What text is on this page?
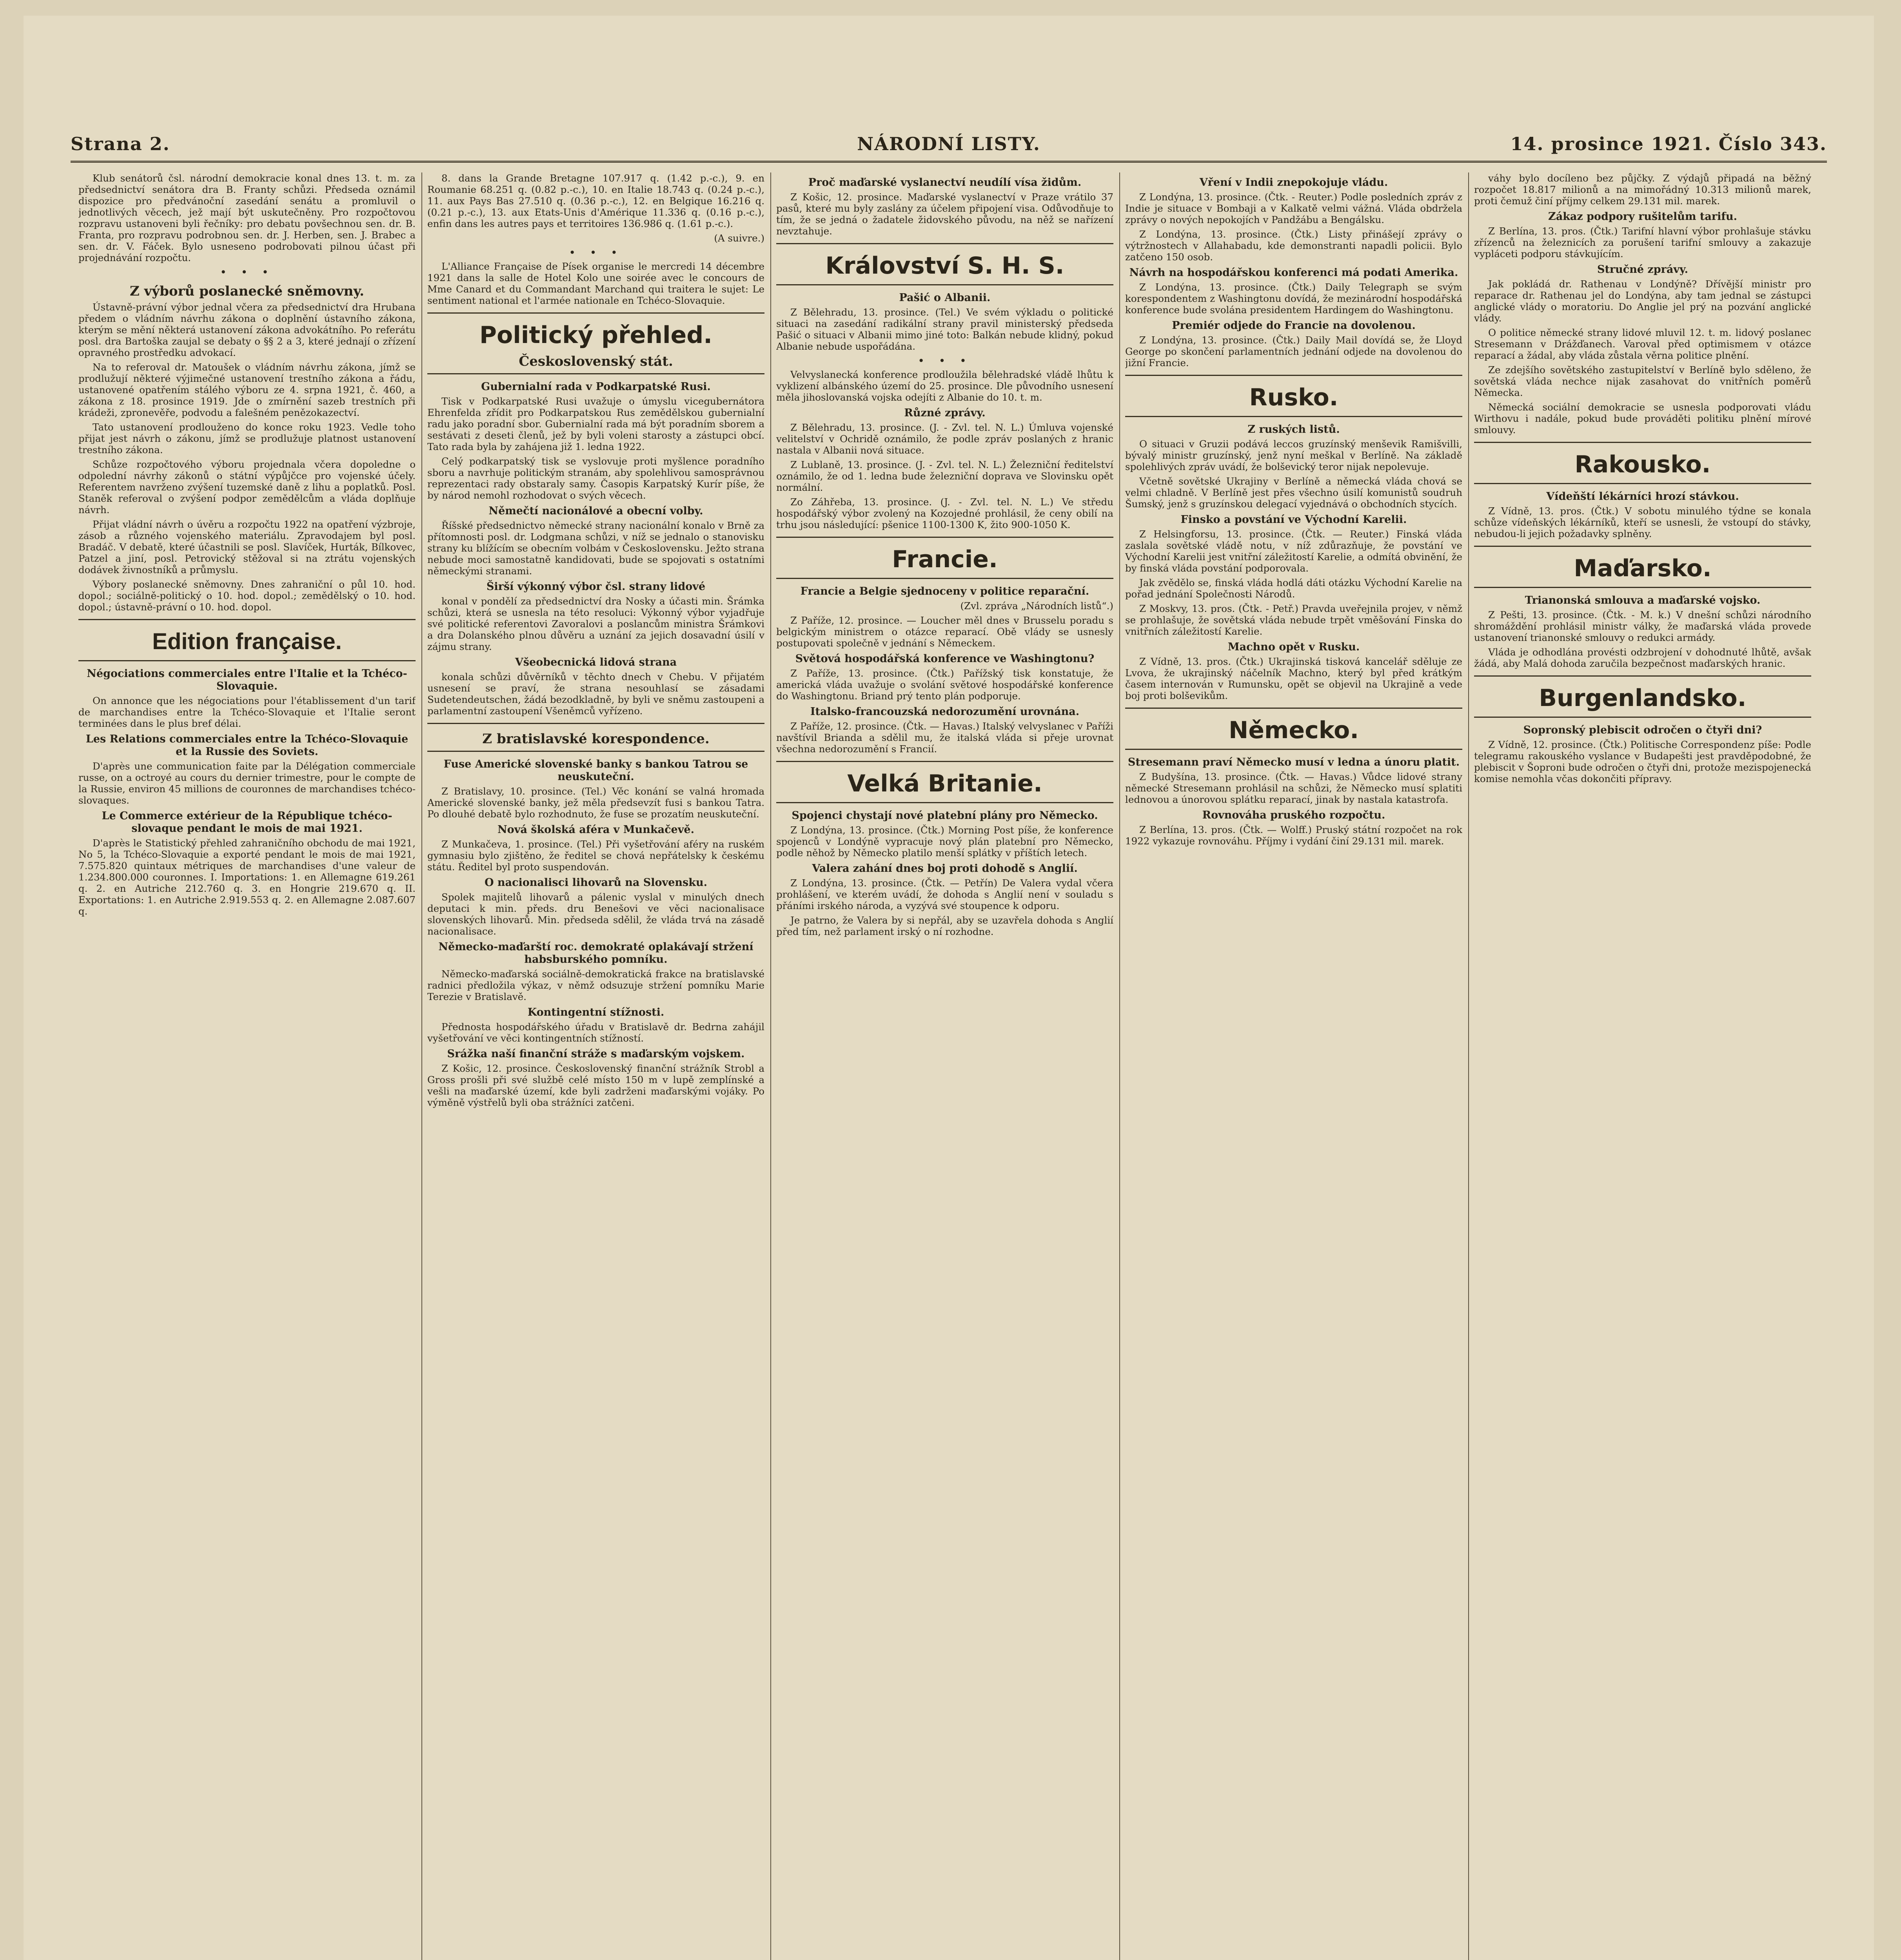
Strana 2.	NÁRODNÍ LISTY.	14. prosince 1921. Číslo 343.

Klub senátorů čsl. národní demokracie konal dnes 13. t. m. za předsednictví senátora dra B. Franty schůzi. Předseda oznámil dispozice pro předvánoční zasedání senátu a promluvil o jednotlivých věcech, jež mají být uskutečněny. Pro rozpočtovou rozpravu ustanoveni byli řečníky: pro debatu povšechnou sen. dr. B. Franta, pro rozpravu podrobnou sen. dr. J. Herben, sen. J. Brabec a sen. dr. V. Fáček. Bylo usneseno podrobovati pilnou účast při projednávání rozpočtu.

• • •
Z výborů poslanecké sněmovny.

Ústavně-právní výbor jednal včera za předsednictví dra Hrubana předem o vládním návrhu zákona o doplnění ústavního zákona, kterým se mění některá ustanovení zákona advokátního. Po referátu posl. dra Bartoška zaujal se debaty o §§ 2 a 3, které jednají o zřízení opravného prostředku advokací.

Na to referoval dr. Matoušek o vládním návrhu zákona, jímž se prodlužují některé výjimečné ustanovení trestního zákona a řádu, ustanovené opatřením stálého výboru ze 4. srpna 1921, č. 460, a zákona z 18. prosince 1919. Jde o zmírnění sazeb trestních při krádeži, zpronevěře, podvodu a falešném penězokazectví.

Tato ustanovení prodlouženo do konce roku 1923. Vedle toho přijat jest návrh o zákonu, jímž se prodlužuje platnost ustanovení trestního zákona.

Schůze rozpočtového výboru projednala včera dopoledne o odpolední návrhy zákonů o státní výpůjčce pro vojenské účely. Referentem navrženo zvýšení tuzemské daně z lihu a poplatků. Posl. Staněk referoval o zvýšení podpor zemědělcům a vláda doplňuje návrh.

Přijat vládní návrh o úvěru a rozpočtu 1922 na opatření výzbroje, zásob a různého vojenského materiálu. Zpravodajem byl posl. Bradáč. V debatě, které účastnili se posl. Slavíček, Hurták, Bílkovec, Patzel a jiní, posl. Petrovický stěžoval si na ztrátu vojenských dodávek živnostníků a průmyslu.

Výbory poslanecké sněmovny. Dnes zahraniční o půl 10. hod. dopol.; sociálně-politický o 10. hod. dopol.; zemědělský o 10. hod. dopol.; ústavně-právní o 10. hod. dopol.

Edition française.
Négociations commerciales entre l'Italie et la Tchéco-Slovaquie.

On annonce que les négociations pour l'établissement d'un tarif de marchandises entre la Tchéco-Slovaquie et l'Italie seront terminées dans le plus bref délai.

Les Relations commerciales entre la Tchéco-Slovaquie et la Russie des Soviets.

D'après une communication faite par la Délégation commerciale russe, on a octroyé au cours du dernier trimestre, pour le compte de la Russie, environ 45 millions de couronnes de marchandises tchéco-slovaques.

Le Commerce extérieur de la République tchéco-slovaque pendant le mois de mai 1921.

D'après le Statistický přehled zahraničního obchodu de mai 1921, No 5, la Tchéco-Slovaquie a exporté pendant le mois de mai 1921, 7.575.820 quintaux métriques de marchandises d'une valeur de 1.234.800.000 couronnes. I. Importations: 1. en Allemagne 619.261 q. 2. en Autriche 212.760 q. 3. en Hongrie 219.670 q. II. Exportations: 1. en Autriche 2.919.553 q. 2. en Allemagne 2.087.607 q.

8. dans la Grande Bretagne 107.917 q. (1.42 p.-c.), 9. en Roumanie 68.251 q. (0.82 p.-c.), 10. en Italie 18.743 q. (0.24 p.-c.), 11. aux Pays Bas 27.510 q. (0.36 p.-c.), 12. en Belgique 16.216 q. (0.21 p.-c.), 13. aux Etats-Unis d'Amérique 11.336 q. (0.16 p.-c.), enfin dans les autres pays et territoires 136.986 q. (1.61 p.-c.).

(A suivre.)

• • •

L'Alliance Française de Písek organise le mercredi 14 décembre 1921 dans la salle de Hotel Kolo une soirée avec le concours de Mme Canard et du Commandant Marchand qui traitera le sujet: Le sentiment national et l'armée nationale en Tchéco-Slovaquie.

Politický přehled.
Československý stát.
Gubernialní rada v Podkarpatské Rusi.

Tisk v Podkarpatské Rusi uvažuje o úmyslu vicegubernátora Ehrenfelda zřídit pro Podkarpatskou Rus zemědělskou gubernialní radu jako poradní sbor. Gubernialní rada má být poradním sborem a sestávati z deseti členů, jež by byli voleni starosty a zástupci obcí. Tato rada byla by zahájena již 1. ledna 1922.

Celý podkarpatský tisk se vyslovuje proti myšlence poradního sboru a navrhuje politickým stranám, aby spolehlivou samosprávnou reprezentaci rady obstaraly samy. Časopis Karpatský Kurír píše, že by národ nemohl rozhodovat o svých věcech.

Němečtí nacionálové a obecní volby.

Říšské předsednictvo německé strany nacionální konalo v Brně za přítomnosti posl. dr. Lodgmana schůzi, v níž se jednalo o stanovisku strany ku blížícím se obecním volbám v Československu. Ježto strana nebude moci samostatně kandidovati, bude se spojovati s ostatními německými stranami.

Širší výkonný výbor čsl. strany lidové

konal v pondělí za předsednictví dra Nosky a účasti min. Šrámka schůzi, která se usnesla na této resoluci: Výkonný výbor vyjadřuje své politické referentovi Zavoralovi a poslancům ministra Šrámkovi a dra Dolanského plnou důvěru a uznání za jejich dosavadní úsilí v zájmu strany.

Všeobecnická lidová strana

konala schůzi důvěrníků v těchto dnech v Chebu. V přijatém usnesení se praví, že strana nesouhlasí se zásadami Sudetendeutschen, žádá bezodkladně, by byli ve sněmu zastoupeni a parlamentní zastoupení Všeněmců vyřízeno.

Z bratislavské korespondence.
Fuse Americké slovenské banky s bankou Tatrou se neuskuteční.

Z Bratislavy, 10. prosince. (Tel.) Věc konání se valná hromada Americké slovenské banky, jež měla předsevzít fusi s bankou Tatra. Po dlouhé debatě bylo rozhodnuto, že fuse se prozatím neuskuteční.

Nová školská aféra v Munkačevě.

Z Munkačeva, 1. prosince. (Tel.) Při vyšetřování aféry na ruském gymnasiu bylo zjištěno, že ředitel se chová nepřátelsky k českému státu. Ředitel byl proto suspendován.

O nacionalisci lihovarů na Slovensku.

Spolek majitelů lihovarů a pálenic vyslal v minulých dnech deputaci k min. předs. dru Benešovi ve věci nacionalisace slovenských lihovarů. Min. předseda sdělil, že vláda trvá na zásadě nacionalisace.

Německo-maďarští roc. demokraté oplakávají stržení habsburského pomníku.

Německo-maďarská sociálně-demokratická frakce na bratislavské radnici předložila výkaz, v němž odsuzuje stržení pomníku Marie Terezie v Bratislavě.

Kontingentní stížnosti.

Přednosta hospodářského úřadu v Bratislavě dr. Bedrna zahájil vyšetřování ve věci kontingentních stížností.

Srážka naší finanční stráže s maďarským vojskem.

Z Košic, 12. prosince. Československý finanční strážník Strobl a Gross prošli při své službě celé místo 150 m v lupě zemplínské a vešli na maďarské území, kde byli zadrženi maďarskými vojáky. Po výměně výstřelů byli oba strážníci zatčeni.

Proč maďarské vyslanectví neudílí vísa židům.

Z Košic, 12. prosince. Maďarské vyslanectví v Praze vrátilo 37 pasů, které mu byly zaslány za účelem připojení visa. Odůvodňuje to tím, že se jedná o žadatele židovského původu, na něž se nařízení nevztahuje.

Království S. H. S.
Pašić o Albanii.

Z Bělehradu, 13. prosince. (Tel.) Ve svém výkladu o politické situaci na zasedání radikální strany pravil ministerský předseda Pašić o situaci v Albanii mimo jiné toto: Balkán nebude klidný, pokud Albanie nebude uspořádána.

• • •

Velvyslanecká konference prodloužila bělehradské vládě lhůtu k vyklizení albánského území do 25. prosince. Dle původního usnesení měla jihoslovanská vojska odejíti z Albanie do 10. t. m.

Různé zprávy.

Z Bělehradu, 13. prosince. (J. - Zvl. tel. N. L.) Úmluva vojenské velitelství v Ochridě oznámilo, že podle zpráv poslaných z hranic nastala v Albanii nová situace.

Z Lublaně, 13. prosince. (J. - Zvl. tel. N. L.) Železniční ředitelství oznámilo, že od 1. ledna bude železniční doprava ve Slovinsku opět normální.

Zo Záhřeba, 13. prosince. (J. - Zvl. tel. N. L.) Ve středu hospodářský výbor zvolený na Kozojedné prohlásil, že ceny obilí na trhu jsou následující: pšenice 1100-1300 K, žito 900-1050 K.

Francie.
Francie a Belgie sjednoceny v politice reparační.

(Zvl. zpráva „Národních listů“.)

Z Paříže, 12. prosince. — Loucher měl dnes v Brusselu poradu s belgickým ministrem o otázce reparací. Obě vlády se usnesly postupovati společně v jednání s Německem.

Světová hospodářská konference ve Washingtonu?

Z Paříže, 13. prosince. (Čtk.) Pařížský tisk konstatuje, že americká vláda uvažuje o svolání světové hospodářské konference do Washingtonu. Briand prý tento plán podporuje.

Italsko-francouzská nedorozumění urovnána.

Z Paříže, 12. prosince. (Čtk. — Havas.) Italský velvyslanec v Paříži navštívil Brianda a sdělil mu, že italská vláda si přeje urovnat všechna nedorozumění s Francií.

Velká Britanie.
Spojenci chystají nové platební plány pro Německo.

Z Londýna, 13. prosince. (Čtk.) Morning Post píše, že konference spojenců v Londýně vypracuje nový plán platební pro Německo, podle něhož by Německo platilo menší splátky v příštích letech.

Valera zahání dnes boj proti dohodě s Anglií.

Z Londýna, 13. prosince. (Čtk. — Petřín) De Valera vydal včera prohlášení, ve kterém uvádí, že dohoda s Anglií není v souladu s přáními irského národa, a vyzývá své stoupence k odporu.

Je patrno, že Valera by si nepřál, aby se uzavřela dohoda s Anglií před tím, než parlament irský o ní rozhodne.

Vření v Indii znepokojuje vládu.

Z Londýna, 13. prosince. (Čtk. - Reuter.) Podle posledních zpráv z Indie je situace v Bombaji a v Kalkatě velmi vážná. Vláda obdržela zprávy o nových nepokojích v Pandžábu a Bengálsku.

Z Londýna, 13. prosince. (Čtk.) Listy přinášejí zprávy o výtržnostech v Allahabadu, kde demonstranti napadli policii. Bylo zatčeno 150 osob.

Návrh na hospodářskou konferenci má podati Amerika.

Z Londýna, 13. prosince. (Čtk.) Daily Telegraph se svým korespondentem z Washingtonu dovídá, že mezinárodní hospodářská konference bude svolána presidentem Hardingem do Washingtonu.

Premiér odjede do Francie na dovolenou.

Z Londýna, 13. prosince. (Čtk.) Daily Mail dovídá se, že Lloyd George po skončení parlamentních jednání odjede na dovolenou do jižní Francie.

Rusko.
Z ruských listů.

O situaci v Gruzii podává leccos gruzínský menševik Ramišvilli, bývalý ministr gruzínský, jenž nyní meškal v Berlíně. Na základě spolehlivých zpráv uvádí, že bolševický teror nijak nepolevuje.

Včetně sovětské Ukrajiny v Berlíně a německá vláda chová se velmi chladně. V Berlíně jest přes všechno úsilí komunistů soudruh Šumský, jenž s gruzínskou delegací vyjednává o obchodních stycích.

Finsko a povstání ve Východní Karelii.

Z Helsingforsu, 13. prosince. (Čtk. — Reuter.) Finská vláda zaslala sovětské vládě notu, v níž zdůrazňuje, že povstání ve Východní Karelii jest vnitřní záležitostí Karelie, a odmítá obvinění, že by finská vláda povstání podporovala.

Jak zvědělo se, finská vláda hodlá dáti otázku Východní Karelie na pořad jednání Společnosti Národů.

Z Moskvy, 13. pros. (Čtk. - Petř.) Pravda uveřejnila projev, v němž se prohlašuje, že sovětská vláda nebude trpět vměšování Finska do vnitřních záležitostí Karelie.

Machno opět v Rusku.

Z Vídně, 13. pros. (Čtk.) Ukrajinská tisková kancelář sděluje ze Lvova, že ukrajinský náčelník Machno, který byl před krátkým časem internován v Rumunsku, opět se objevil na Ukrajině a vede boj proti bolševikům.

Německo.
Stresemann praví Německo musí v ledna a únoru platit.

Z Budyšína, 13. prosince. (Čtk. — Havas.) Vůdce lidové strany německé Stresemann prohlásil na schůzi, že Německo musí splatiti lednovou a únorovou splátku reparací, jinak by nastala katastrofa.

Rovnováha pruského rozpočtu.

Z Berlína, 13. pros. (Čtk. — Wolff.) Pruský státní rozpočet na rok 1922 vykazuje rovnováhu. Příjmy i vydání činí 29.131 mil. marek.

váhy bylo docíleno bez půjčky. Z výdajů připadá na běžný rozpočet 18.817 milionů a na mimořádný 10.313 milionů marek, proti čemuž činí příjmy celkem 29.131 mil. marek.

Zákaz podpory rušitelům tarifu.

Z Berlína, 13. pros. (Čtk.) Tarifní hlavní výbor prohlašuje stávku zřízenců na železnicích za porušení tarifní smlouvy a zakazuje vypláceti podporu stávkujícím.

Stručné zprávy.

Jak pokládá dr. Rathenau v Londýně? Dřívější ministr pro reparace dr. Rathenau jel do Londýna, aby tam jednal se zástupci anglické vlády o moratoriu. Do Anglie jel prý na pozvání anglické vlády.

O politice německé strany lidové mluvil 12. t. m. lidový poslanec Stresemann v Drážďanech. Varoval před optimismem v otázce reparací a žádal, aby vláda zůstala věrna politice plnění.

Ze zdejšího sovětského zastupitelství v Berlíně bylo sděleno, že sovětská vláda nechce nijak zasahovat do vnitřních poměrů Německa.

Německá sociální demokracie se usnesla podporovati vládu Wirthovu i nadále, pokud bude prováděti politiku plnění mírové smlouvy.

Rakousko.
Vídeňští lékárníci hrozí stávkou.

Z Vídně, 13. pros. (Čtk.) V sobotu minulého týdne se konala schůze vídeňských lékárníků, kteří se usnesli, že vstoupí do stávky, nebudou-li jejich požadavky splněny.

Maďarsko.
Trianonská smlouva a maďarské vojsko.

Z Pešti, 13. prosince. (Čtk. - M. k.) V dnešní schůzi národního shromáždění prohlásil ministr války, že maďarská vláda provede ustanovení trianonské smlouvy o redukci armády.

Vláda je odhodlána provésti odzbrojení v dohodnuté lhůtě, avšak žádá, aby Malá dohoda zaručila bezpečnost maďarských hranic.

Burgenlandsko.
Sopronský plebiscit odročen o čtyři dni?

Z Vídně, 12. prosince. (Čtk.) Politische Correspondenz píše: Podle telegramu rakouského vyslance v Budapešti jest pravděpodobné, že plebiscit v Šoproni bude odročen o čtyři dni, protože mezispojenecká komise nemohla včas dokončiti přípravy.
